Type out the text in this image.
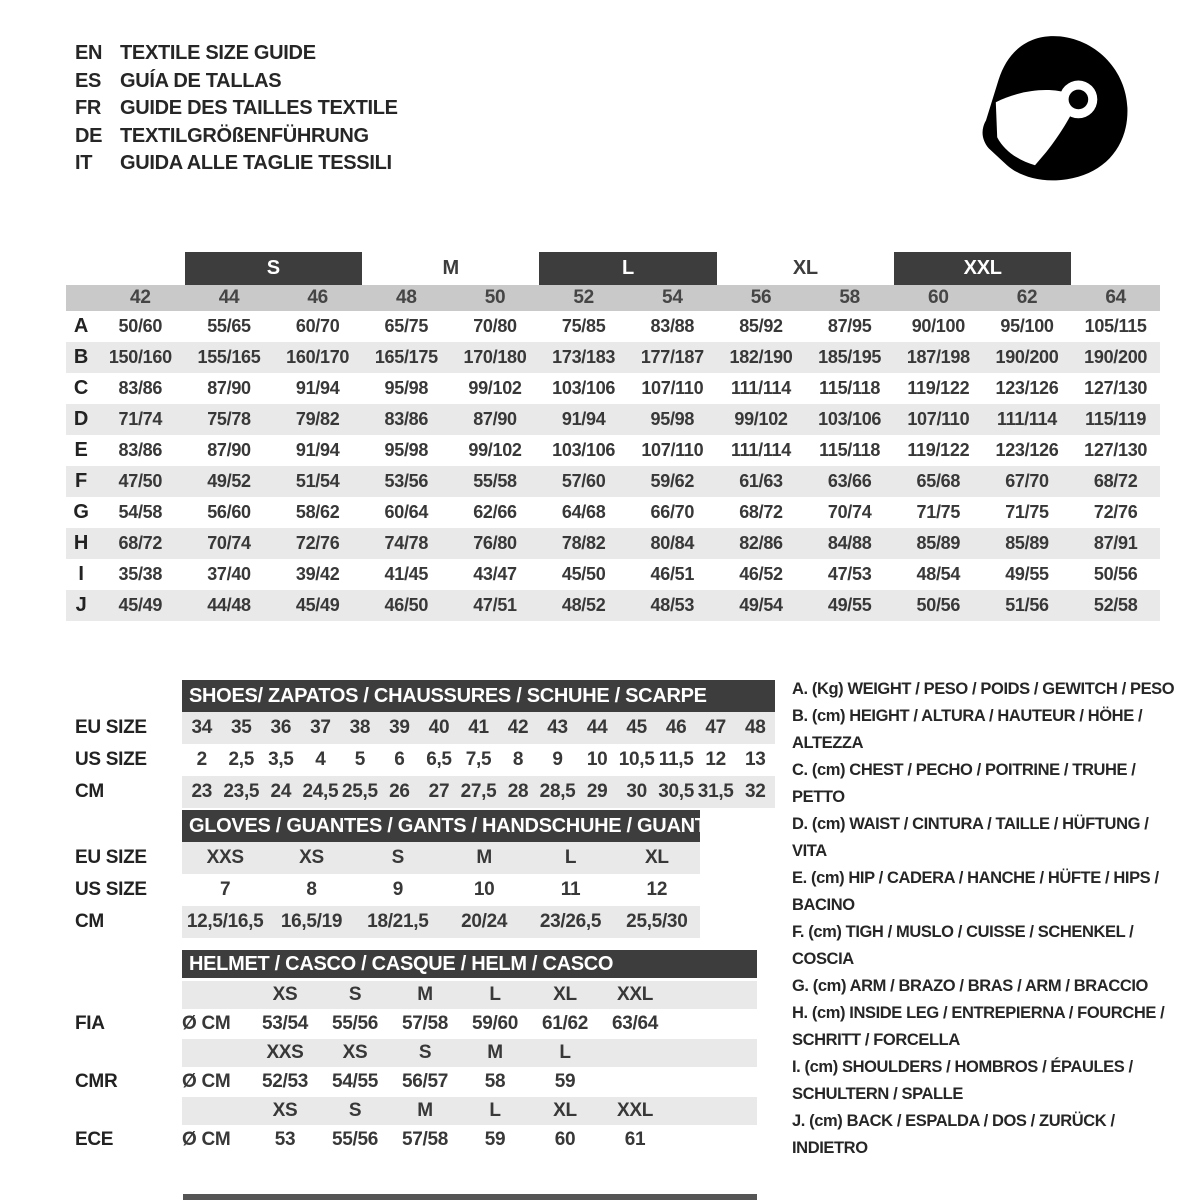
EN TEXTILE SIZE GUIDE
ES GUÍA DE TALLAS
FR GUIDE DES TAILLES TEXTILE
DE TEXTILGRÖßENFÜHRUNG
IT	GUIDA ALLE TAGLIE TESSILI
S	M	L	XL	XXL
42	44	46	48	50	52	54	56	58	60	62	64
A	50/60	55/65	60/70	65/75	70/80	75/85	83/88	85/92	87/95	90/100	95/100	105/115
B	150/160	155/165	160/170	165/175	170/180	173/183	177/187	182/190	185/195	187/198	190/200	190/200
C	83/86	87/90	91/94	95/98	99/102	103/106	107/110	111/114	115/118	119/122	123/126	127/130
D	71/74	75/78	79/82	83/86	87/90	91/94	95/98	99/102	103/106	107/110	111/114	115/119
E	83/86	87/90	91/94	95/98	99/102	103/106	107/110	111/114	115/118	119/122	123/126	127/130
F	47/50	49/52	51/54	53/56	55/58	57/60	59/62	61/63	63/66	65/68	67/70	68/72
G	54/58	56/60	58/62	60/64	62/66	64/68	66/70	68/72	70/74	71/75	71/75	72/76
H	68/72	70/74	72/76	74/78	76/80	78/82	80/84	82/86	84/88	85/89	85/89	87/91
I	35/38	37/40	39/42	41/45	43/47	45/50	46/51	46/52	47/53	48/54	49/55	50/56
J	45/49	44/48	45/49	46/50	47/51	48/52	48/53	49/54	49/55	50/56	51/56	52/58
SHOES/ ZAPATOS / CHAUSSURES / SCHUHE / SCARPE
EU SIZE	34 35 36 37 38 39 40	41 42 43 44 45 46 47 48
US SIZE	2	2,5 3,5	4	5	6	6,5 7,5	8	9	10 10,5 11,5 12 13
CM	23 23,5 24 24,5 25,5 26 27 27,5 28 28,5 29 30 30,5 31,5 32
GLOVES / GUANTES / GANTS / HANDSCHUHE / GUANTI
EU SIZE	XXS	XS	S	M	L	XL
US SIZE	7	8	9	10	11	12
CM	12,5/16,5 16,5/19	18/21,5	20/24	23/26,5	25,5/30
HELMET / CASCO / CASQUE / HELM / CASCO
XS	S	M	L	XL	XXL
FIA	Ø CM	53/54	55/56	57/58	59/60	61/62	63/64
XXS	XS	S	M	L
CMR	Ø CM	52/53	54/55	56/57	58	59
XS	S	M	L	XL	XXL
ECE	Ø CM	53	55/56	57/58	59	60	61
A. (Kg) WEIGHT / PESO / POIDS / GEWITCH / PESO
B. (cm) HEIGHT / ALTURA / HAUTEUR / HÖHE / ALTEZZA
C. (cm) CHEST / PECHO / POITRINE / TRUHE / PETTO
D. (cm) WAIST / CINTURA / TAILLE / HÜFTUNG / VITA
E. (cm) HIP / CADERA / HANCHE / HÜFTE / HIPS / BACINO
F. (cm) TIGH / MUSLO / CUISSE / SCHENKEL / COSCIA
G. (cm) ARM / BRAZO / BRAS / ARM / BRACCIO
H. (cm) INSIDE LEG / ENTREPIERNA / FOURCHE / SCHRITT / FORCELLA
I. (cm) SHOULDERS / HOMBROS / ÉPAULES / SCHULTERN / SPALLE
J. (cm) BACK / ESPALDA / DOS / ZURÜCK / INDIETRO
